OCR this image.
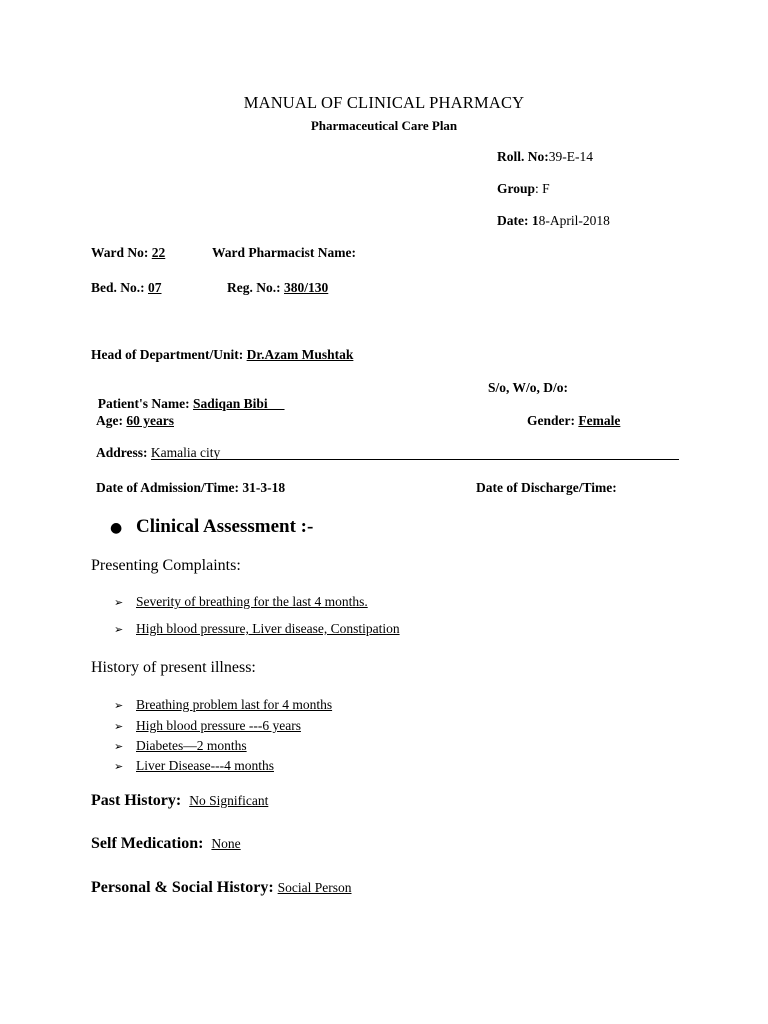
MANUAL OF CLINICAL PHARMACY
Pharmaceutical Care Plan
Roll. No:39-E-14
Group: F
Date: 18-April-2018
Ward No: 22	Ward Pharmacist Name:
Bed. No.: 07	Reg. No.: 380/130
Head of Department/Unit: Dr.Azam Mushtak

Patient's Name: Sadiqan Bibi

S/o, W/o, D/o:
Age: 60 years	Gender: Female
Address: Kamalia city
Date of Admission/Time: 31-3-18	Date of Discharge/Time:
● Clinical Assessment :-
Presenting Complaints:
➢ Severity of breathing for the last 4 months.
➢ High blood pressure, Liver disease, Constipation
History of present illness:
➢ Breathing problem last for 4 months
➢ High blood pressure ---6 years
➢ Diabetes—2 months
➢ Liver Disease---4 months
Past History: No Significant
Self Medication: None
Personal & Social History: Social Person
